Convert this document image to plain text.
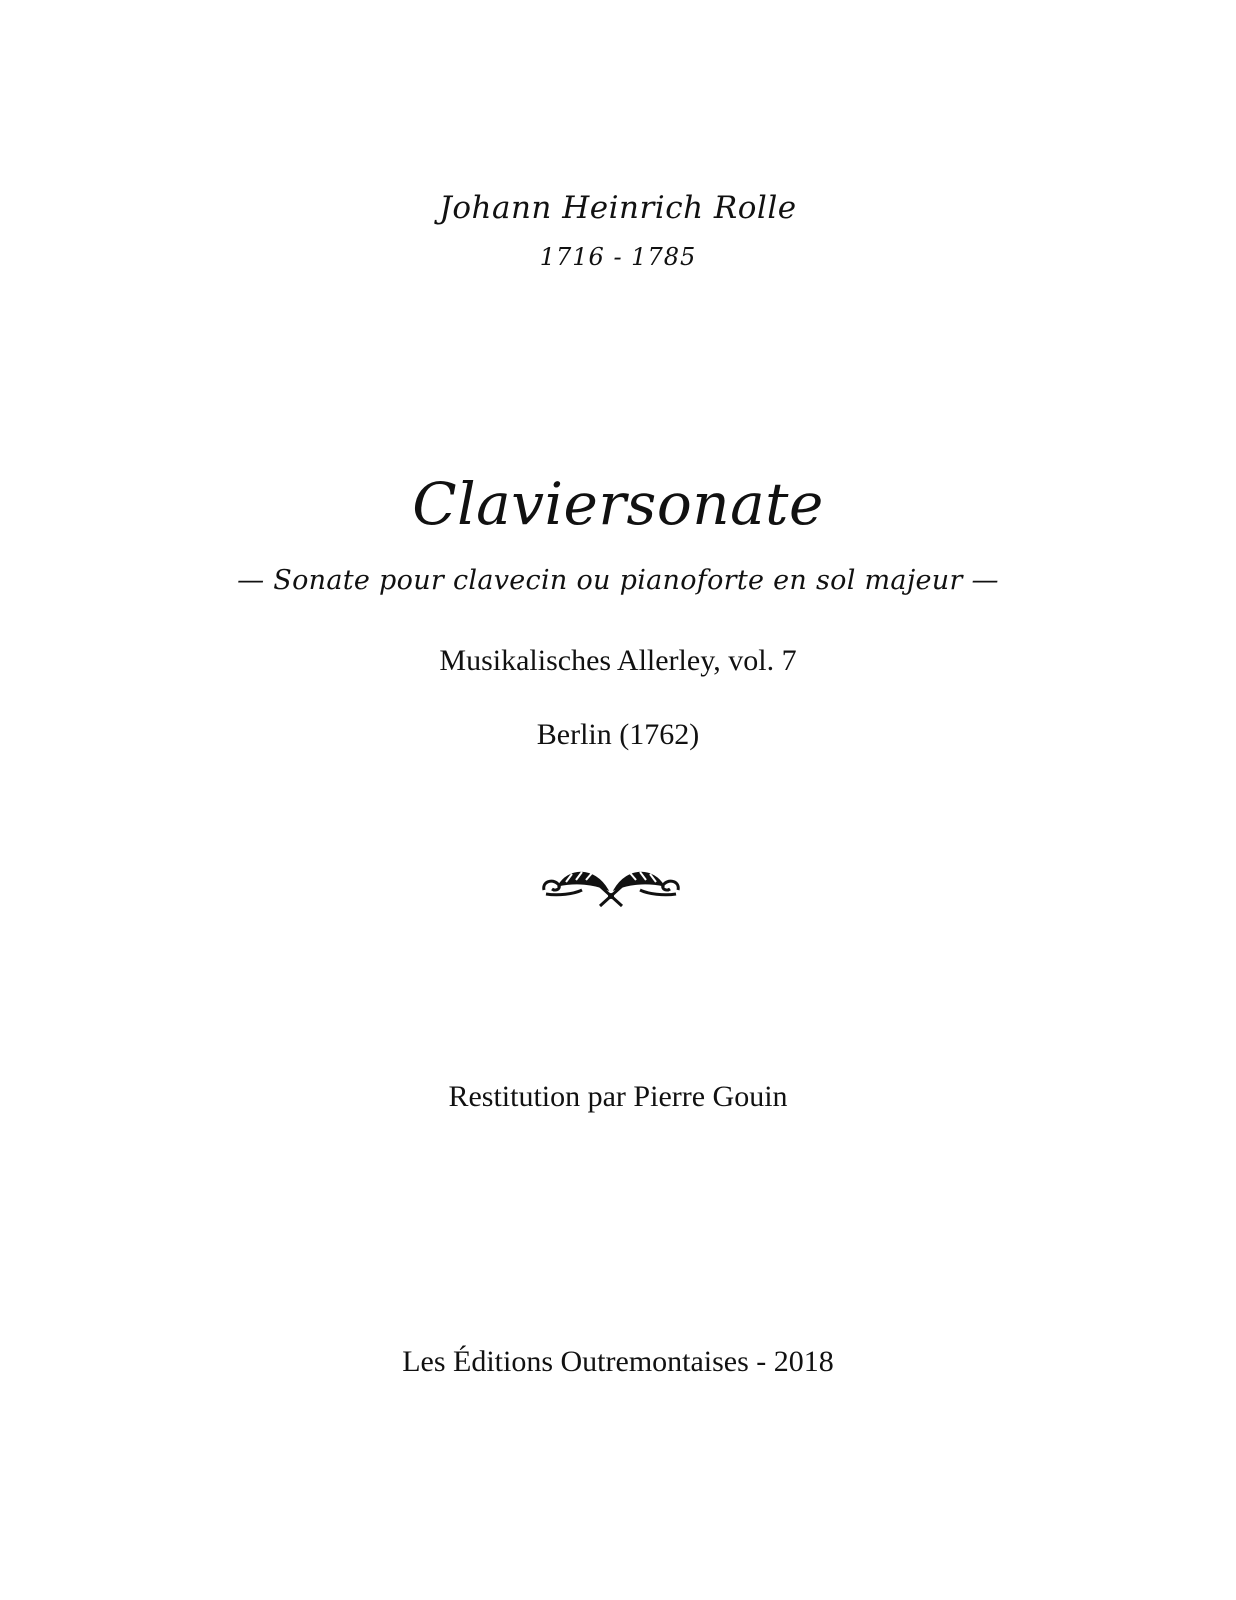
Johann Heinrich Rolle
1716 - 1785
Claviersonate
— Sonate pour clavecin ou pianoforte en sol majeur —
Musikalisches Allerley, vol. 7
Berlin (1762)
Restitution par Pierre Gouin
Les Éditions Outremontaises - 2018
